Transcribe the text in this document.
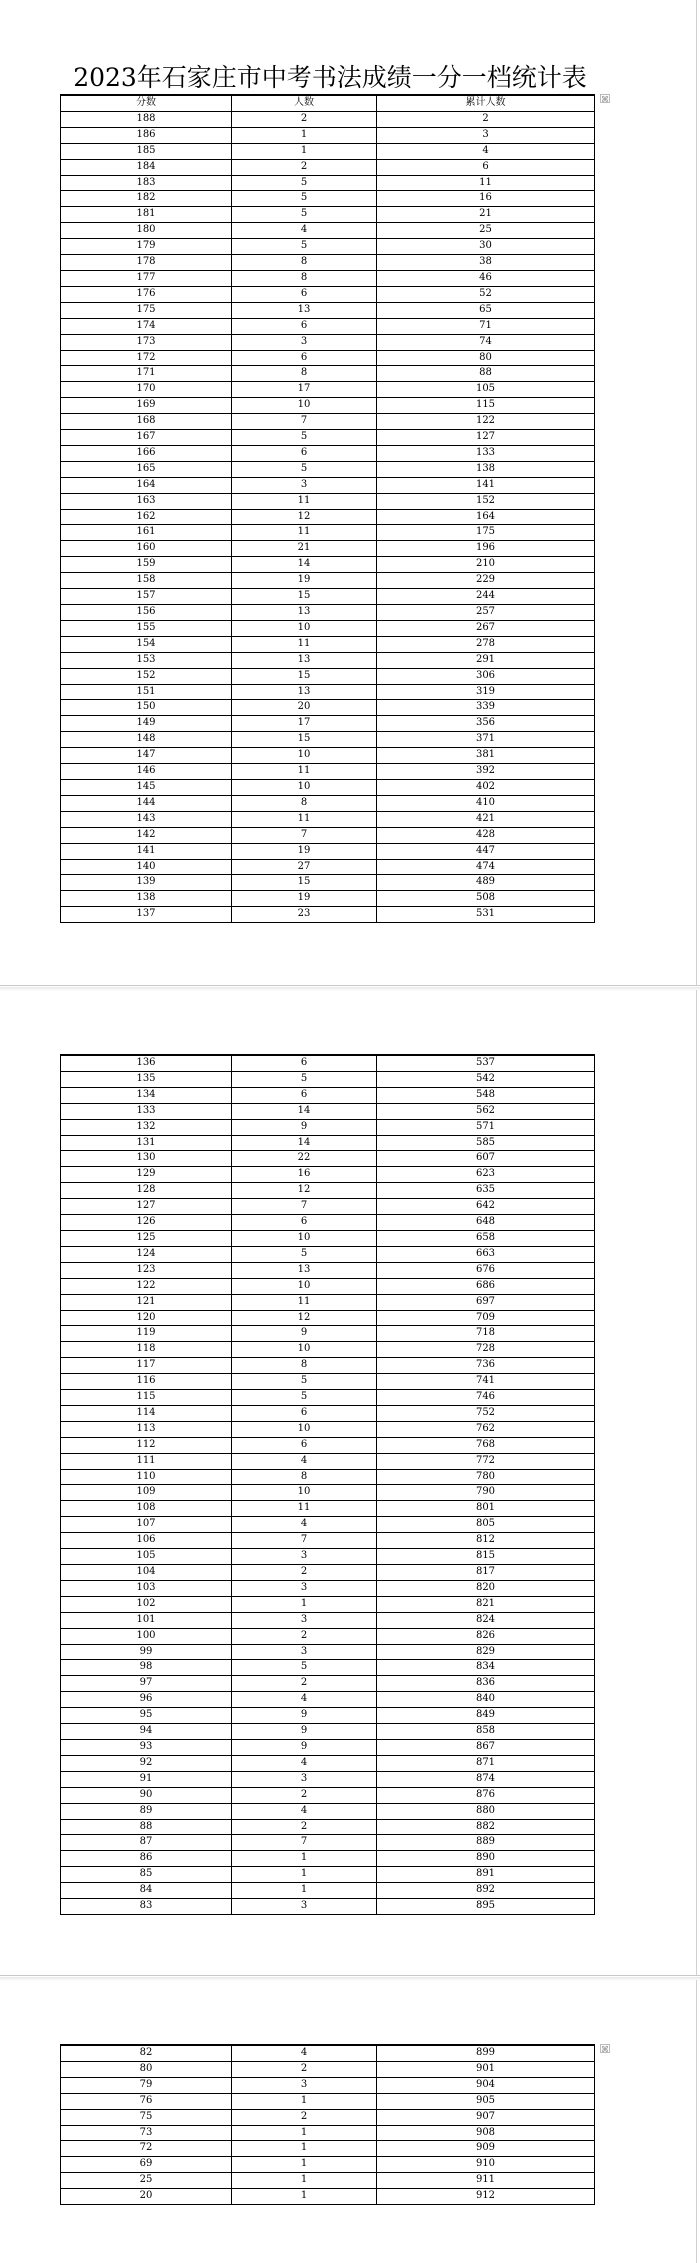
2023年石家庄市中考书法成绩一分一档统计表
分数	人数	累计人数
188	2	2
186	1	3
185	1	4
184	2	6
183	5	11
182	5	16
181	5	21
180	4	25
179	5	30
178	8	38
177	8	46
176	6	52
175	13	65
174	6	71
173	3	74
172	6	80
171	8	88
170	17	105
169	10	115
168	7	122
167	5	127
166	6	133
165	5	138
164	3	141
163	11	152
162	12	164
161	11	175
160	21	196
159	14	210
158	19	229
157	15	244
156	13	257
155	10	267
154	11	278
153	13	291
152	15	306
151	13	319
150	20	339
149	17	356
148	15	371
147	10	381
146	11	392
145	10	402
144	8	410
143	11	421
142	7	428
141	19	447
140	27	474
139	15	489
138	19	508
137	23	531
⌘
136	6	537
135	5	542
134	6	548
133	14	562
132	9	571
131	14	585
130	22	607
129	16	623
128	12	635
127	7	642
126	6	648
125	10	658
124	5	663
123	13	676
122	10	686
121	11	697
120	12	709
119	9	718
118	10	728
117	8	736
116	5	741
115	5	746
114	6	752
113	10	762
112	6	768
111	4	772
110	8	780
109	10	790
108	11	801
107	4	805
106	7	812
105	3	815
104	2	817
103	3	820
102	1	821
101	3	824
100	2	826
99	3	829
98	5	834
97	2	836
96	4	840
95	9	849
94	9	858
93	9	867
92	4	871
91	3	874
90	2	876
89	4	880
88	2	882
87	7	889
86	1	890
85	1	891
84	1	892
83	3	895
82	4	899
80	2	901
79	3	904
76	1	905
75	2	907
73	1	908
72	1	909
69	1	910
25	1	911
20	1	912
⌘
